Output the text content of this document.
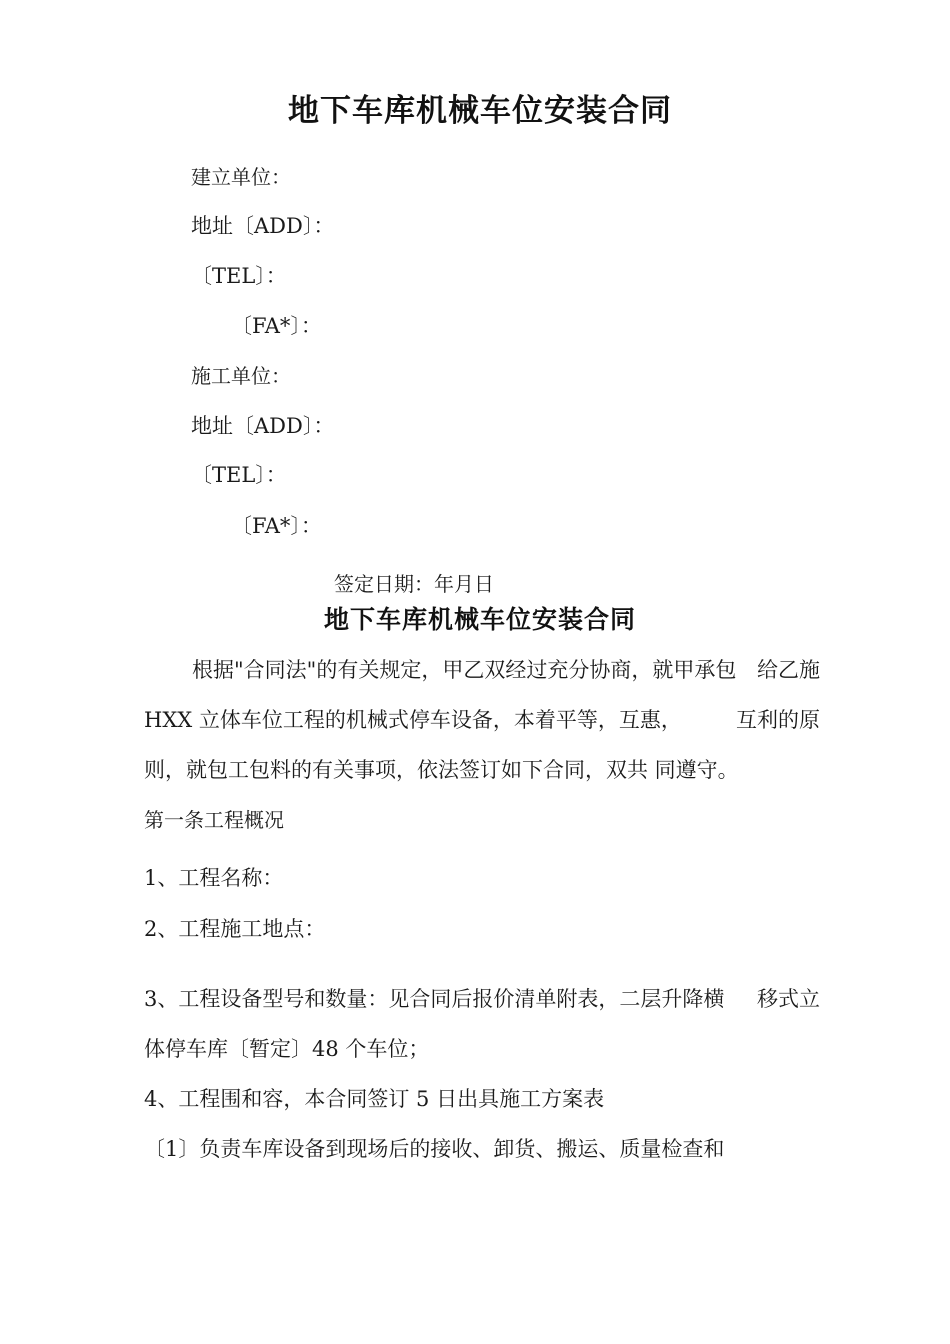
地下车库机械车位安装合同
建立单位：
地址〔ADD〕：
〔TEL〕：
〔FA*〕：
施工单位：
地址〔ADD〕：
〔TEL〕：
〔FA*〕：
签定日期：年月日
地下车库机械车位安装合同
根据"合同法"的有关规定，甲乙双经过充分协商，就甲承包 给乙施
HXX 立体车位工程的机械式停车设备，本着平等，互惠，	互利的原
则，就包工包料的有关事项，依法签订如下合同，双共 同遵守。
第一条工程概况
1、工程名称：
2、工程施工地点：
3、工程设备型号和数量：见合同后报价清单附表，二层升降横 移式立
体停车库〔暂定〕48 个车位；
4、工程围和容，本合同签订 5 日出具施工方案表
〔1〕负责车库设备到现场后的接收、卸货、搬运、质量检查和
